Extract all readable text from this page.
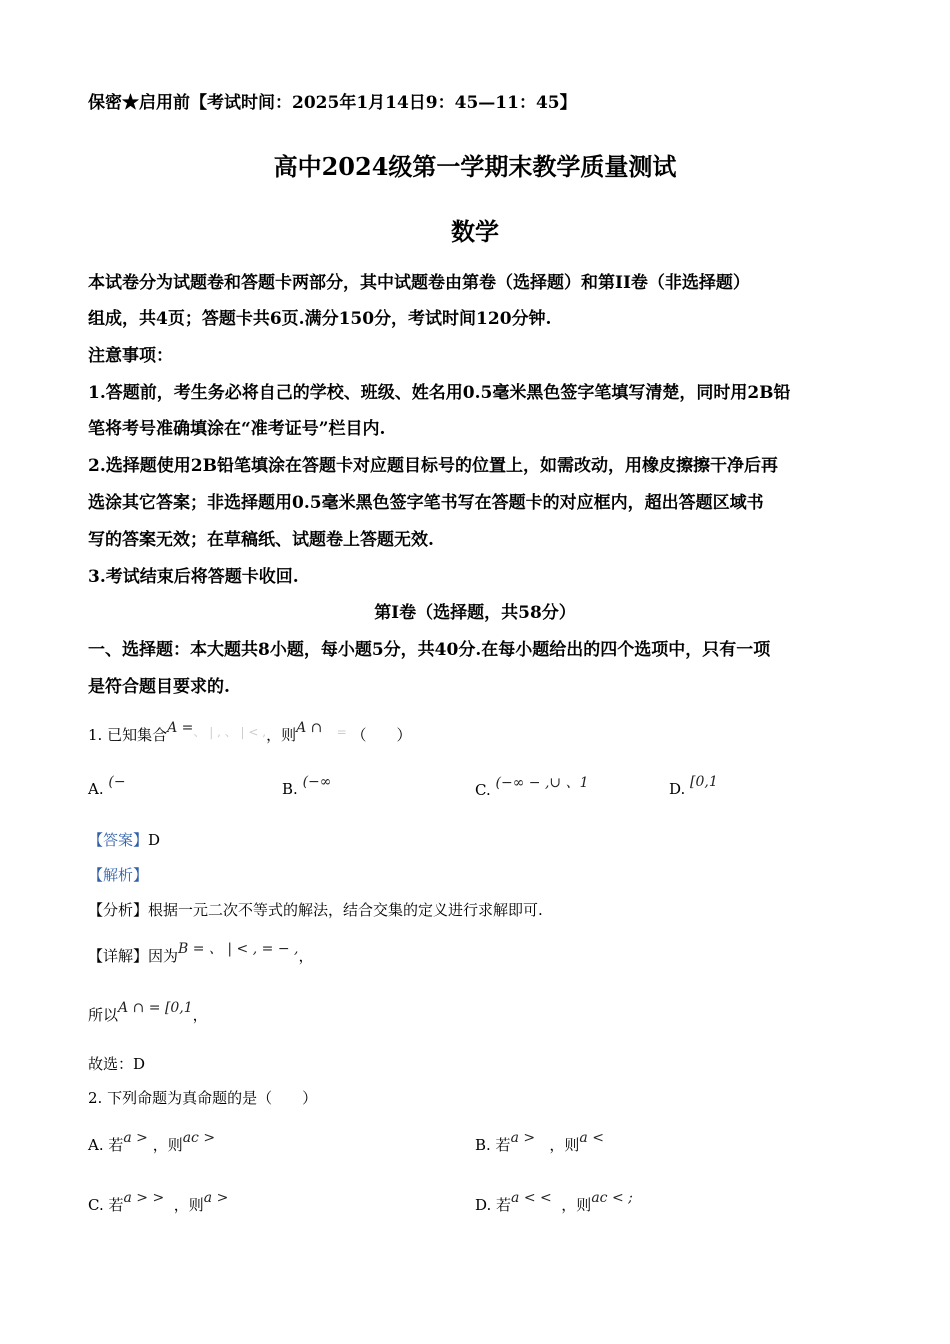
保密★启用前【考试时间：2025年1月14日9：45—11：45】
高中2024级第一学期末教学质量测试
数学
本试卷分为试题卷和答题卡两部分，其中试题卷由第卷（选择题）和第II卷（非选择题）
组成，共4页；答题卡共6页.满分150分，考试时间120分钟.
注意事项：
1.答题前，考生务必将自己的学校、班级、姓名用0.5毫米黑色签字笔填写清楚，同时用2B铅
笔将考号准确填涂在“准考证号”栏目内.
2.选择题使用2B铅笔填涂在答题卡对应题目标号的位置上，如需改动，用橡皮擦擦干净后再
选涂其它答案；非选择题用0.5毫米黑色签字笔书写在答题卡的对应框内，超出答题区域书
写的答案无效；在草稿纸、试题卷上答题无效.
3.考试结束后将答题卡收回.
第I卷（选择题，共58分）
一、选择题：本大题共8小题，每小题5分，共40分.在每小题给出的四个选项中，只有一项
是符合题目要求的.
1. 已知集合A =、 | , 、 | < ,，则A ∩ = （　　）
A. (−	B. (−∞	C. (−∞ − ,∪ 、1	D. [0,1
【答案】D
【解析】
【分析】根据一元二次不等式的解法，结合交集的定义进行求解即可.
【详解】因为B = 、 | < , = − ,，
所以A ∩ = [0,1，
故选：D
2. 下列命题为真命题的是（　　）
A. 若a > ，则ac >	B. 若a > ，则a <
C. 若a > > ，则a >	D. 若a < < ，则ac < ;
